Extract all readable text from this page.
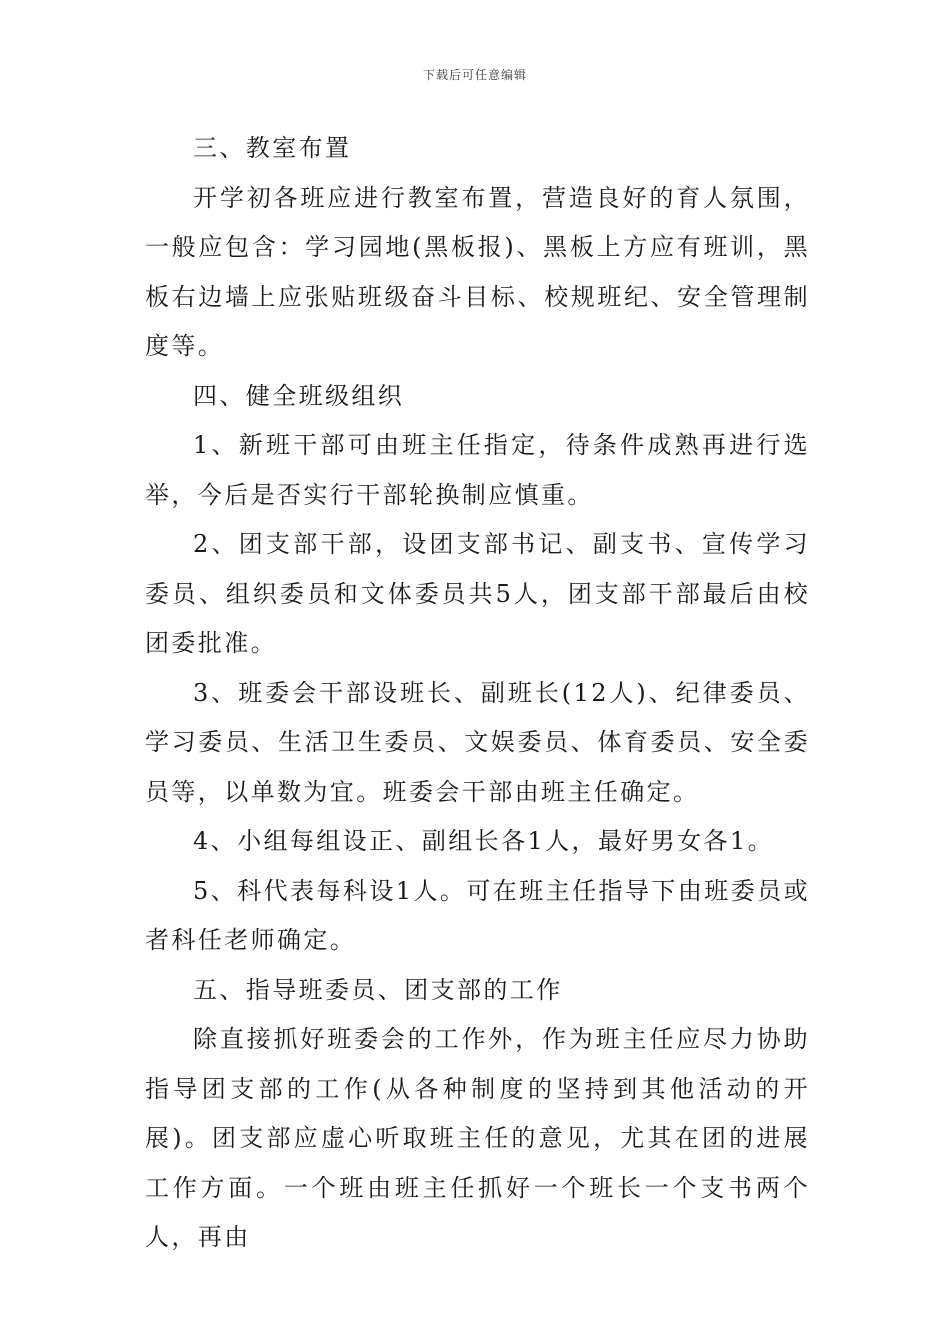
下载后可任意编辑

三、教室布置

开学初各班应进行教室布置，营造良好的育人氛围，一般应包含：学习园地(黑板报)、黑板上方应有班训，黑板右边墙上应张贴班级奋斗目标、校规班纪、安全管理制度等。

四、健全班级组织

1、新班干部可由班主任指定，待条件成熟再进行选举，今后是否实行干部轮换制应慎重。

2、团支部干部，设团支部书记、副支书、宣传学习委员、组织委员和文体委员共5人，团支部干部最后由校团委批准。

3、班委会干部设班长、副班长(12人)、纪律委员、学习委员、生活卫生委员、文娱委员、体育委员、安全委员等，以单数为宜。班委会干部由班主任确定。

4、小组每组设正、副组长各1人，最好男女各1。

5、科代表每科设1人。可在班主任指导下由班委员或者科任老师确定。

五、指导班委员、团支部的工作

除直接抓好班委会的工作外，作为班主任应尽力协助指导团支部的工作(从各种制度的坚持到其他活动的开展)。团支部应虚心听取班主任的意见，尤其在团的进展工作方面。一个班由班主任抓好一个班长一个支书两个人，再由
